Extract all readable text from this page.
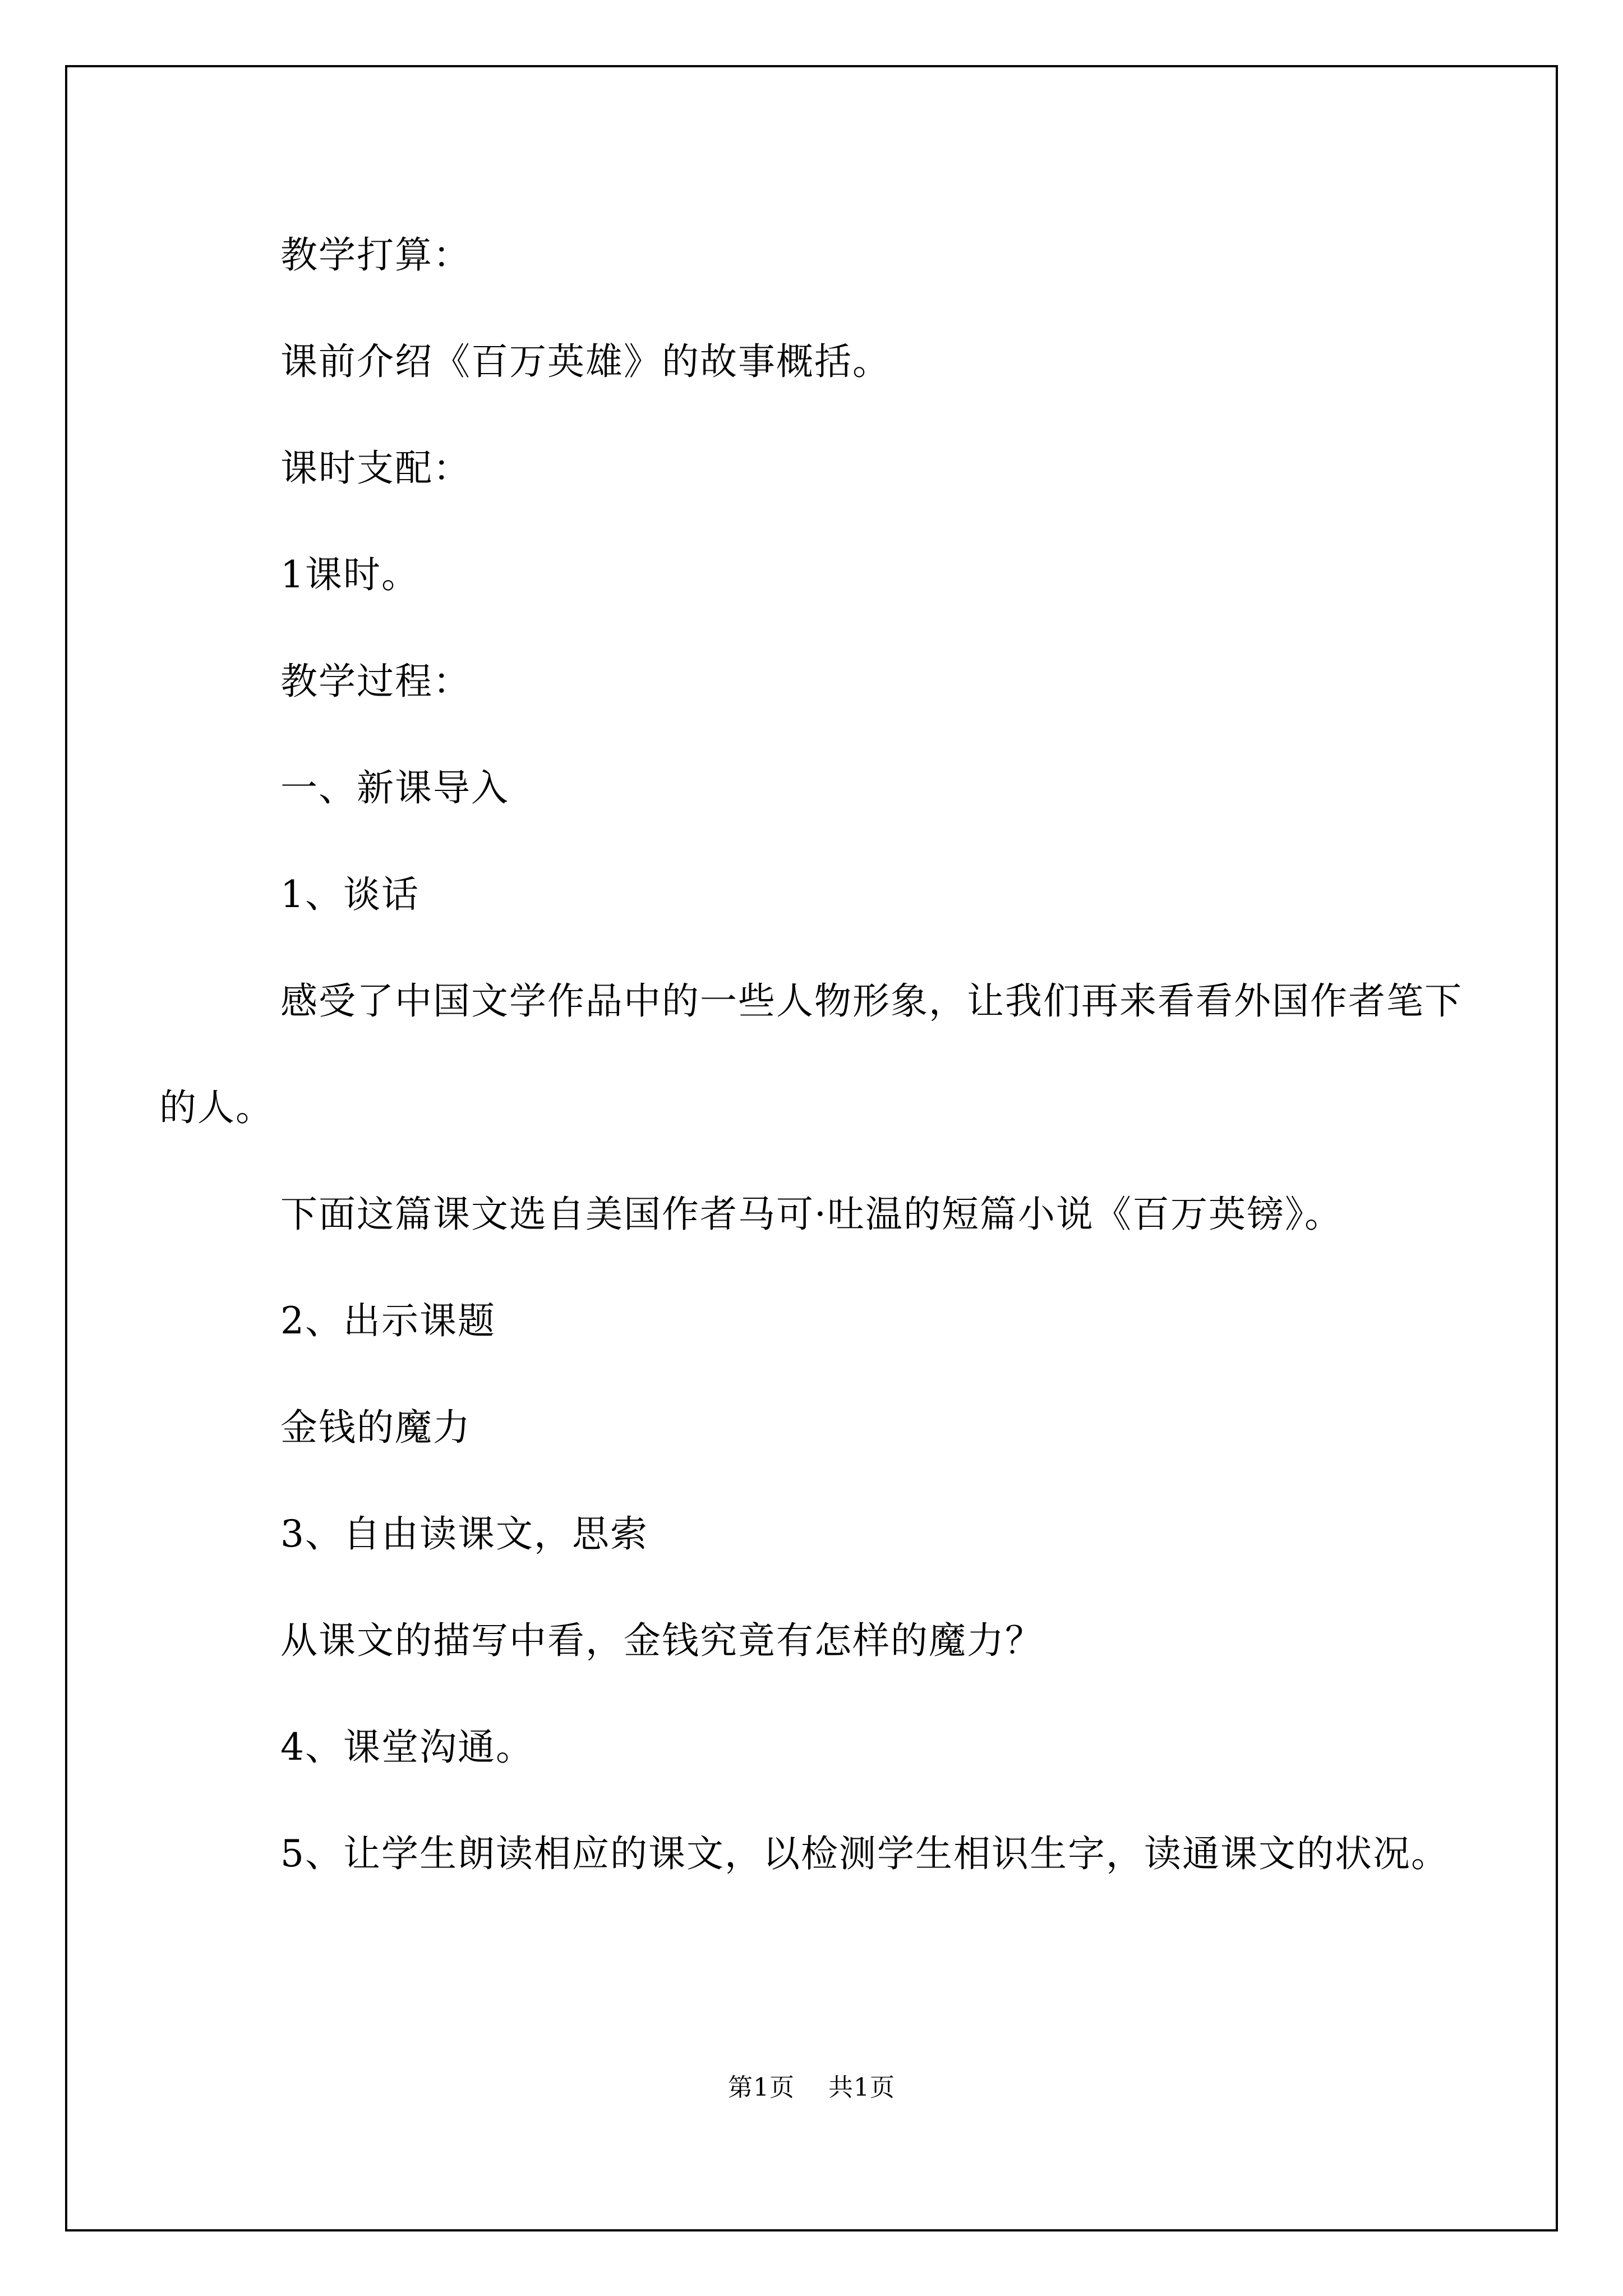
教学打算：

课前介绍《百万英雄》的故事概括。

课时支配：

1课时。

教学过程：

一、新课导入

1、谈话

感受了中国文学作品中的一些人物形象，让我们再来看看外国作者笔下的人。

下面这篇课文选自美国作者马可·吐温的短篇小说《百万英镑》。

2、出示课题

金钱的魔力

3、自由读课文，思索

从课文的描写中看，金钱究竟有怎样的魔力？

4、课堂沟通。

5、让学生朗读相应的课文，以检测学生相识生字，读通课文的状况。

第1页 共1页
